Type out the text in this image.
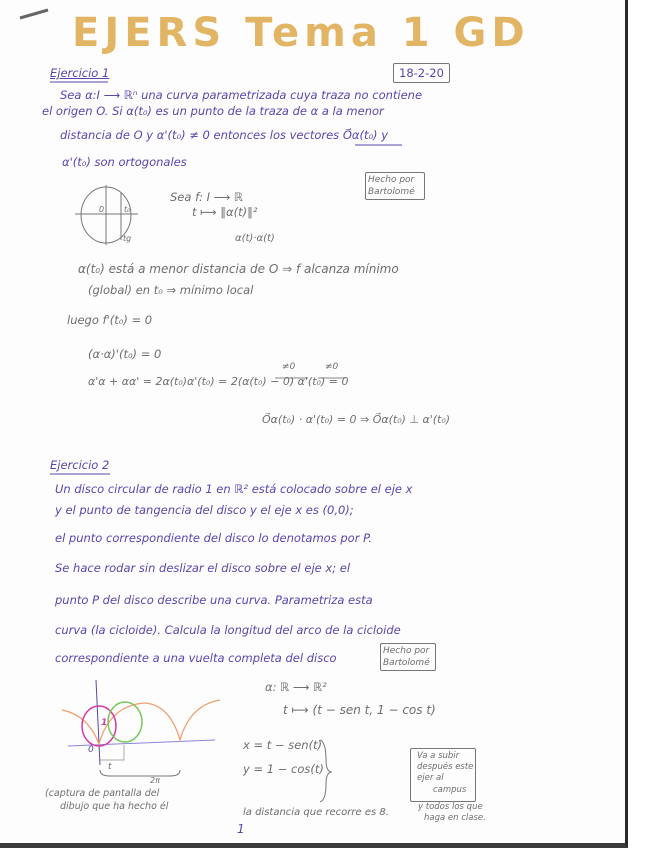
EJERS Tema 1 GD
Ejercicio 1	18-2-20
Sea α:I ⟶ ℝⁿ una curva parametrizada cuya traza no contiene
el origen O. Si α(t₀) es un punto de la traza de α a la menor
distancia de O y α'(t₀) ≠ 0 entonces los vectores O⃗α(t₀) y
α'(t₀) son ortogonales
Hecho por Bartolomé
0 t₀
tg
Sea f: I ⟶ ℝ
t ⟼ ‖α(t)‖²
α(t)·α(t)
α(t₀) está a menor distancia de O ⇒ f alcanza mínimo
(global) en t₀ ⇒ mínimo local
luego f'(t₀) = 0
(α·α)'(t₀) = 0
α'α + αα' = 2α(t₀)α'(t₀) = 2(α(t₀) − 0) α'(t₀) = 0
≠0	≠0
O⃗α(t₀) · α'(t₀) = 0 ⇒ O⃗α(t₀) ⊥ α'(t₀)
Ejercicio 2
Un disco circular de radio 1 en ℝ² está colocado sobre el eje x
y el punto de tangencia del disco y el eje x es (0,0);
el punto correspondiente del disco lo denotamos por P.
Se hace rodar sin deslizar el disco sobre el eje x; el
punto P del disco describe una curva. Parametriza esta
curva (la cicloide). Calcula la longitud del arco de la cicloide
correspondiente a una vuelta completa del disco	Hecho por Bartolomé
1
0
t
2π
(captura de pantalla del
dibujo que ha hecho él
α: ℝ ⟶ ℝ²
t ⟼ (t − sen t, 1 − cos t)
x = t − sen(t)
y = 1 − cos(t)
Va a subir
después este
ejer al
campus
y todos los que
haga en clase.
la distancia que recorre es 8.
1
